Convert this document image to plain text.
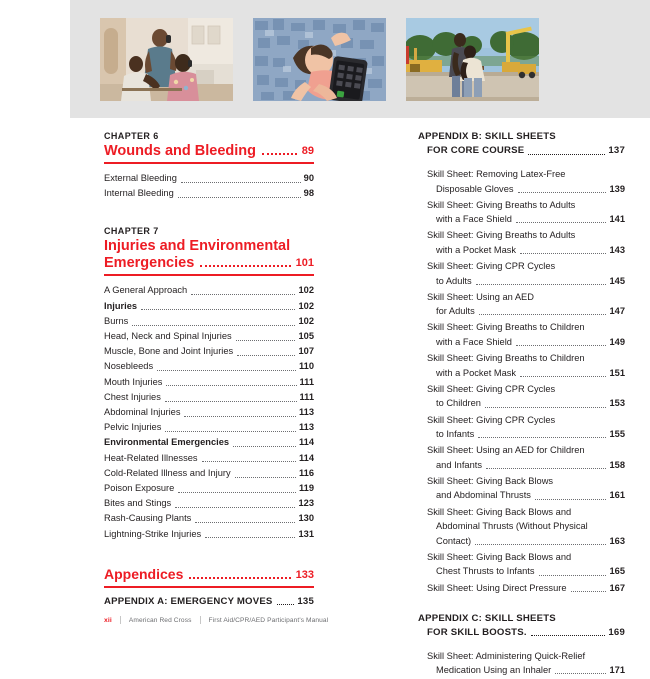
CHAPTER 6
Wounds and Bleeding	89
External Bleeding	90
Internal Bleeding	98
CHAPTER 7
Injuries and Environmental
Emergencies	101
A General Approach	102
Injuries	102
Burns	102
Head, Neck and Spinal Injuries	105
Muscle, Bone and Joint Injuries	107
Nosebleeds	110
Mouth Injuries	111
Chest Injuries	111
Abdominal Injuries	113
Pelvic Injuries	113
Environmental Emergencies	114
Heat-Related Illnesses	114
Cold-Related Illness and Injury	116
Poison Exposure	119
Bites and Stings	123
Rash-Causing Plants	130
Lightning-Strike Injuries	131
Appendices	133
APPENDIX A: EMERGENCY MOVES	135
APPENDIX B: SKILL SHEETS
FOR CORE COURSE	137
Skill Sheet: Removing Latex-Free
Disposable Gloves	139
Skill Sheet: Giving Breaths to Adults
with a Face Shield	141
Skill Sheet: Giving Breaths to Adults
with a Pocket Mask	143
Skill Sheet: Giving CPR Cycles
to Adults	145
Skill Sheet: Using an AED
for Adults	147
Skill Sheet: Giving Breaths to Children
with a Face Shield	149
Skill Sheet: Giving Breaths to Children
with a Pocket Mask	151
Skill Sheet: Giving CPR Cycles
to Children	153
Skill Sheet: Giving CPR Cycles
to Infants	155
Skill Sheet: Using an AED for Children
and Infants	158
Skill Sheet: Giving Back Blows
and Abdominal Thrusts	161
Skill Sheet: Giving Back Blows and
Abdominal Thrusts (Without Physical
Contact)	163
Skill Sheet: Giving Back Blows and
Chest Thrusts to Infants	165
Skill Sheet: Using Direct Pressure	167
APPENDIX C: SKILL SHEETS
FOR SKILL BOOSTS.	169
Skill Sheet: Administering Quick-Relief
Medication Using an Inhaler	171
xii	American Red Cross	First Aid/CPR/AED Participant's Manual
